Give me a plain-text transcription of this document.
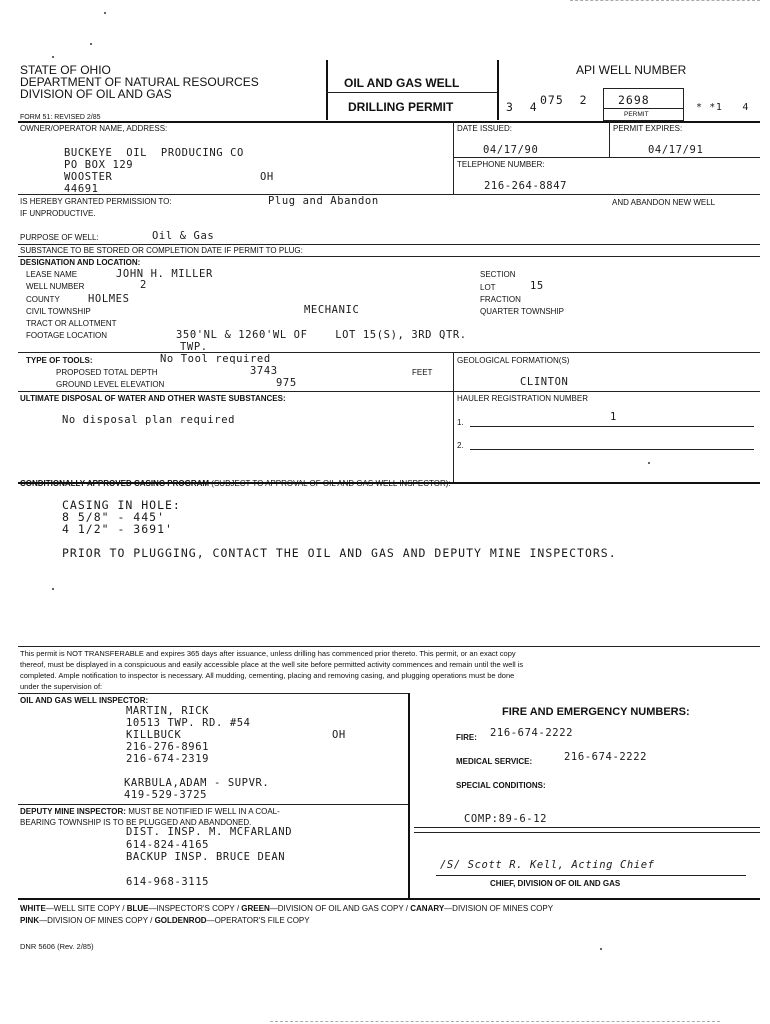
STATE OF OHIO
DEPARTMENT OF NATURAL RESOURCES
DIVISION OF OIL AND GAS
FORM 51: REVISED 2/85
OIL AND GAS WELL
DRILLING PERMIT
API WELL NUMBER
3  4 075  2	2698
PERMIT
* *1   4
OWNER/OPERATOR NAME, ADDRESS:
BUCKEYE  OIL  PRODUCING CO
PO BOX 129
WOOSTER	OH
44691
DATE ISSUED:
04/17/90
PERMIT EXPIRES:
04/17/91
TELEPHONE NUMBER:
216-264-8847
IS HEREBY GRANTED PERMISSION TO:	Plug and Abandon	AND ABANDON NEW WELL
IF UNPRODUCTIVE.
PURPOSE OF WELL:	Oil & Gas
SUBSTANCE TO BE STORED OR COMPLETION DATE IF PERMIT TO PLUG:
DESIGNATION AND LOCATION:
LEASE NAME	JOHN H. MILLER
WELL NUMBER	2
COUNTY	HOLMES
CIVIL TOWNSHIP	MECHANIC
TRACT OR ALLOTMENT
FOOTAGE LOCATION	350'NL & 1260'WL OF    LOT 15(S), 3RD QTR.
TWP.
SECTION
LOT	15
FRACTION
QUARTER TOWNSHIP
TYPE OF TOOLS:	No Tool required
PROPOSED TOTAL DEPTH	3743	FEET
GROUND LEVEL ELEVATION	975
GEOLOGICAL FORMATION(S)
CLINTON
ULTIMATE DISPOSAL OF WATER AND OTHER WASTE SUBSTANCES:
No disposal plan required
HAULER REGISTRATION NUMBER
1.	1
2.
CONDITIONALLY APPROVED CASING PROGRAM (SUBJECT TO APPROVAL OF OIL AND GAS WELL INSPECTOR):
CASING IN HOLE:
8 5/8" - 445'
4 1/2" - 3691'
PRIOR TO PLUGGING, CONTACT THE OIL AND GAS AND DEPUTY MINE INSPECTORS.
This permit is NOT TRANSFERABLE and expires 365 days after issuance, unless drilling has commenced prior thereto. This permit, or an exact copy
thereof, must be displayed in a conspicuous and easily accessible place at the well site before permitted activity commences and remain until the well is
completed. Ample notification to inspector is necessary. All mudding, cementing, placing and removing casing, and plugging operations must be done
under the supervision of:
OIL AND GAS WELL INSPECTOR:
MARTIN, RICK
10513 TWP. RD. #54
KILLBUCK	OH
216-276-8961
216-674-2319
KARBULA,ADAM - SUPVR.
419-529-3725
FIRE AND EMERGENCY NUMBERS:
FIRE: 216-674-2222
MEDICAL SERVICE:	216-674-2222
SPECIAL CONDITIONS:
DEPUTY MINE INSPECTOR: MUST BE NOTIFIED IF WELL IN A COAL-
BEARING TOWNSHIP IS TO BE PLUGGED AND ABANDONED.
DIST. INSP. M. MCFARLAND
614-824-4165
BACKUP INSP. BRUCE DEAN
614-968-3115
COMP:89-6-12
/S/ Scott R. Kell, Acting Chief
CHIEF, DIVISION OF OIL AND GAS
WHITE—WELL SITE COPY / BLUE—INSPECTOR'S COPY / GREEN—DIVISION OF OIL AND GAS COPY / CANARY—DIVISION OF MINES COPY
PINK—DIVISION OF MINES COPY / GOLDENROD—OPERATOR'S FILE COPY
DNR 5606 (Rev. 2/85)
